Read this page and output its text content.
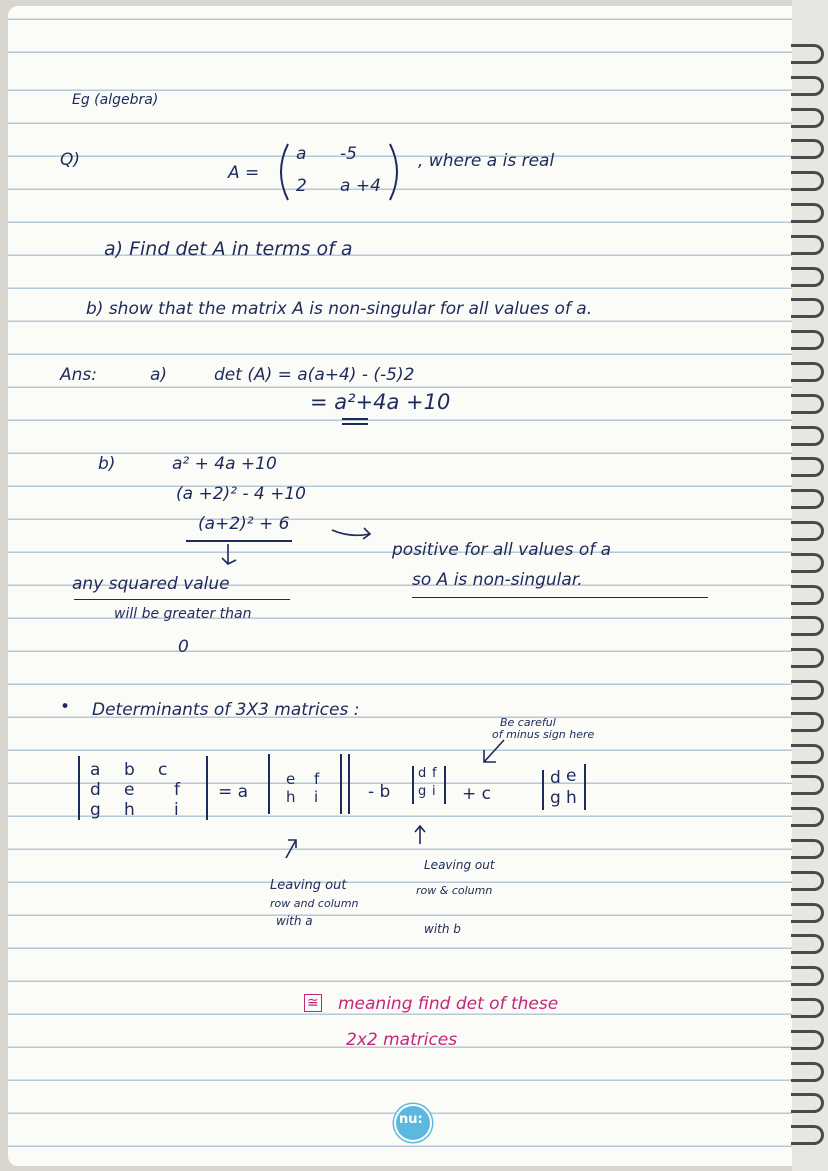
Eg (algebra)
Q)
A =
a -5
2 a +4
, where a is real
a) Find det A in terms of a
b) show that the matrix A is non-singular for all values of a.
Ans:	a)	det (A) = a(a+4) - (-5)2
= a²+4a +10
b)	a² + 4a +10
(a +2)² - 4 +10
(a+2)² + 6
positive for all values of a
so A is non-singular.
any squared value
will be greater than
0
• Determinants of 3X3 matrices :
Be careful
of minus sign here
a b c
d e f
g h i
= a
e f
h i	- b
d f
g i + c
d e
g h
Leaving out
row and column
with a
Leaving out
row & column
with b
≅ meaning find det of these
2x2 matrices
nu:
